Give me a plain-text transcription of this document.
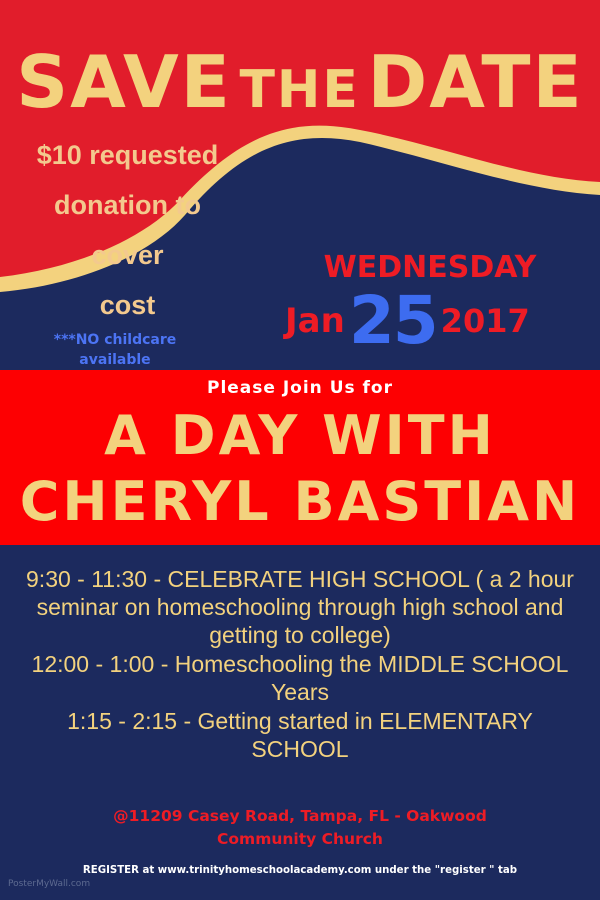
SAVE THE DATE
$10 requested
donation to cover
cost
WEDNESDAY
Jan25 2017
***NO childcare
available
Please Join Us for
A DAY WITH
CHERYL BASTIAN
9:30 - 11:30 - CELEBRATE HIGH SCHOOL ( a 2 hour seminar on homeschooling through high school and getting to college)
12:00 - 1:00 - Homeschooling the MIDDLE SCHOOL Years
1:15 - 2:15 - Getting started in ELEMENTARY SCHOOL
@11209 Casey Road, Tampa, FL - Oakwood
Community Church
REGISTER at www.trinityhomeschoolacademy.com under the "register " tab
PosterMyWall.com
